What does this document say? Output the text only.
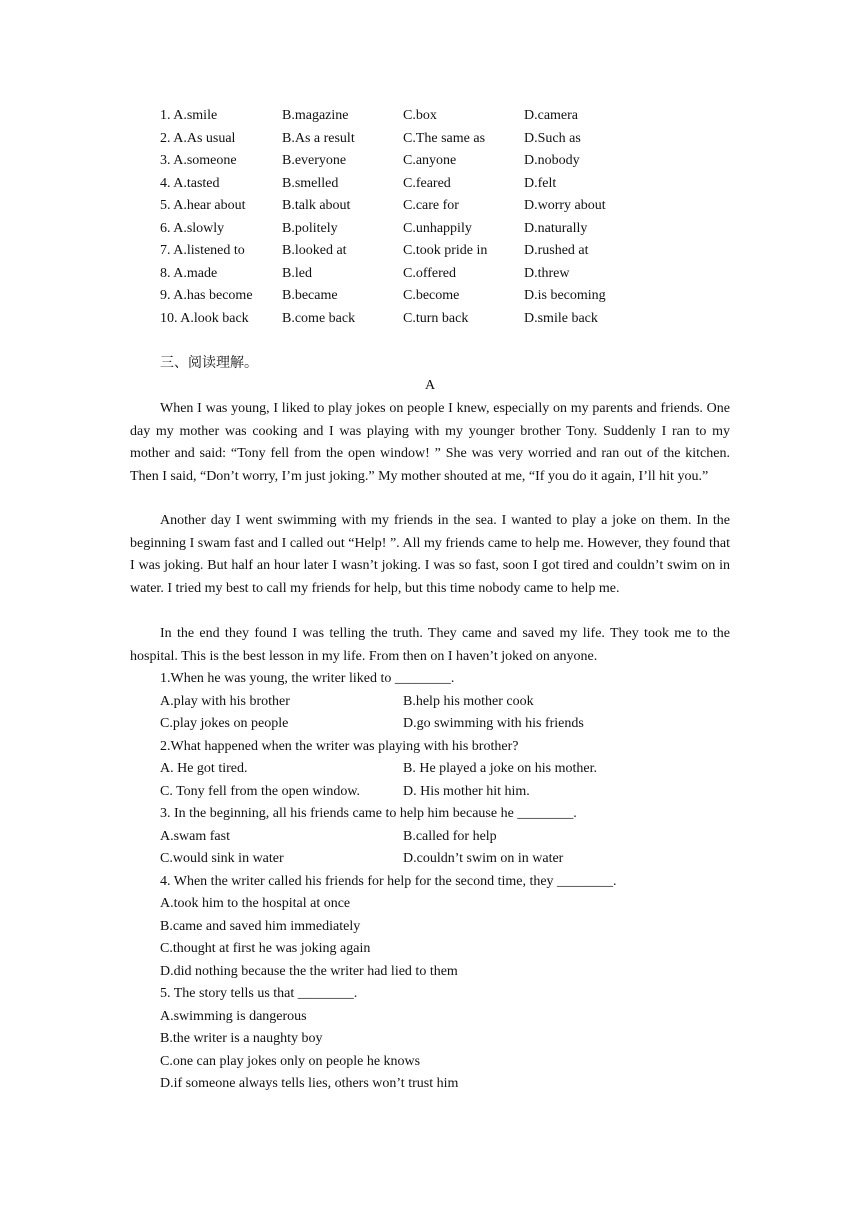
1. A.smile	B.magazine	C.box	D.camera
2. A.As usual	B.As a result	C.The same as	D.Such as
3. A.someone	B.everyone	C.anyone	D.nobody
4. A.tasted	B.smelled	C.feared	D.felt
5. A.hear about	B.talk about	C.care for	D.worry about
6. A.slowly	B.politely	C.unhappily	D.naturally
7. A.listened to	B.looked at	C.took pride in	D.rushed at
8. A.made	B.led	C.offered	D.threw
9. A.has become B.became	C.become	D.is becoming
10. A.look back B.come back	C.turn back	D.smile back
三、阅读理解。
A

When I was young, I liked to play jokes on people I knew, especially on my parents and friends. One day my mother was cooking and I was playing with my younger brother Tony. Suddenly I ran to my mother and said: “Tony fell from the open window! ” She was very worried and ran out of the kitchen. Then I said, “Don’t worry, I’m just joking.” My mother shouted at me, “If you do it again, I’ll hit you.”

Another day I went swimming with my friends in the sea. I wanted to play a joke on them. In the beginning I swam fast and I called out “Help! ”. All my friends came to help me. However, they found that I was joking. But half an hour later I wasn’t joking. I was so fast, soon I got tired and couldn’t swim on in water. I tried my best to call my friends for help, but this time nobody came to help me.

In the end they found I was telling the truth. They came and saved my life. They took me to the hospital. This is the best lesson in my life. From then on I haven’t joked on anyone.

1.When he was young, the writer liked to ________.
A.play with his brother	B.help his mother cook
C.play jokes on people	D.go swimming with his friends
2.What happened when the writer was playing with his brother?
A. He got tired.	B. He played a joke on his mother.
C. Tony fell from the open window.	D. His mother hit him.
3. In the beginning, all his friends came to help him because he ________.
A.swam fast	B.called for help
C.would sink in water	D.couldn’t swim on in water
4. When the writer called his friends for help for the second time, they ________.
A.took him to the hospital at once
B.came and saved him immediately
C.thought at first he was joking again
D.did nothing because the the writer had lied to them
5. The story tells us that ________.
A.swimming is dangerous
B.the writer is a naughty boy
C.one can play jokes only on people he knows
D.if someone always tells lies, others won’t trust him
